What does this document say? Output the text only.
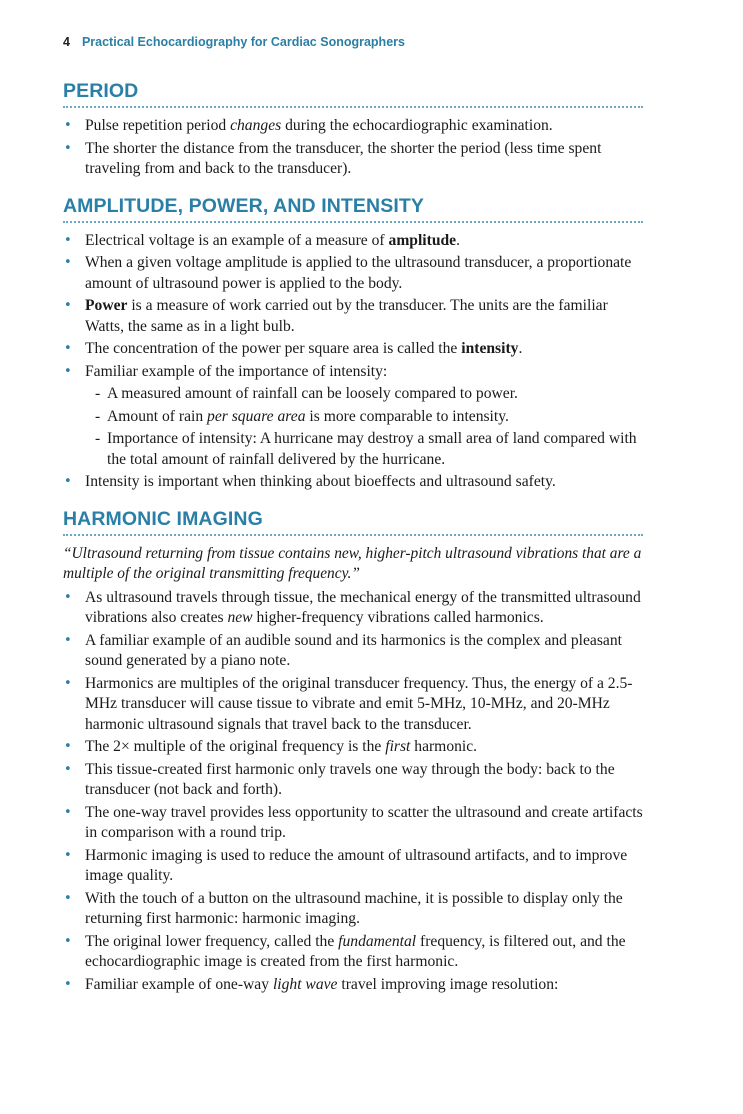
4 Practical Echocardiography for Cardiac Sonographers
PERIOD
• Pulse repetition period changes during the echocardiographic examination.
• The shorter the distance from the transducer, the shorter the period (less time spent traveling from and back to the transducer).
AMPLITUDE, POWER, AND INTENSITY
• Electrical voltage is an example of a measure of amplitude.
• When a given voltage amplitude is applied to the ultrasound transducer, a proportionate amount of ultrasound power is applied to the body.
• Power is a measure of work carried out by the transducer. The units are the familiar Watts, the same as in a light bulb.
• The concentration of the power per square area is called the intensity.
• Familiar example of the importance of intensity:
- A measured amount of rainfall can be loosely compared to power.
- Amount of rain per square area is more comparable to intensity.
- Importance of intensity: A hurricane may destroy a small area of land compared with the total amount of rainfall delivered by the hurricane.
• Intensity is important when thinking about bioeffects and ultrasound safety.
HARMONIC IMAGING
“Ultrasound returning from tissue contains new, higher-pitch ultrasound vibrations that are a multiple of the original transmitting frequency.”
• As ultrasound travels through tissue, the mechanical energy of the transmitted ultrasound vibrations also creates new higher-frequency vibrations called harmonics.
• A familiar example of an audible sound and its harmonics is the complex and pleasant sound generated by a piano note.
• Harmonics are multiples of the original transducer frequency. Thus, the energy of a 2.5-MHz transducer will cause tissue to vibrate and emit 5-MHz, 10-MHz, and 20-MHz harmonic ultrasound signals that travel back to the transducer.
• The 2× multiple of the original frequency is the first harmonic.
• This tissue-created first harmonic only travels one way through the body: back to the transducer (not back and forth).
• The one-way travel provides less opportunity to scatter the ultrasound and create artifacts in comparison with a round trip.
• Harmonic imaging is used to reduce the amount of ultrasound artifacts, and to improve image quality.
• With the touch of a button on the ultrasound machine, it is possible to display only the returning first harmonic: harmonic imaging.
• The original lower frequency, called the fundamental frequency, is filtered out, and the echocardiographic image is created from the first harmonic.
• Familiar example of one-way light wave travel improving image resolution:
